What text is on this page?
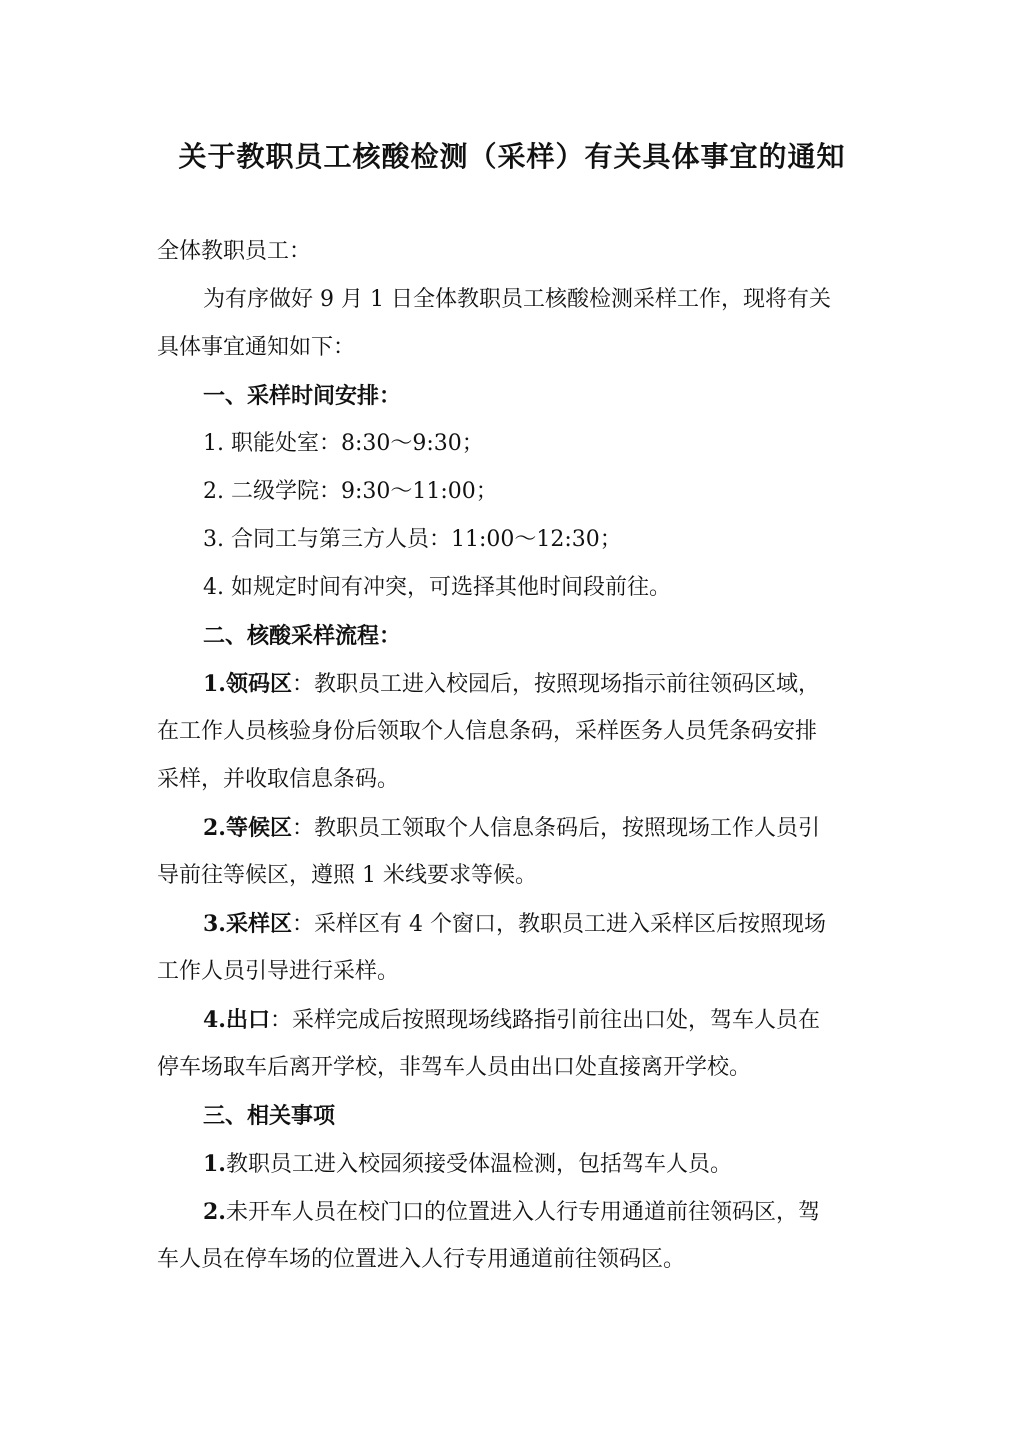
关于教职员工核酸检测（采样）有关具体事宜的通知
全体教职员工：
为有序做好 9 月 1 日全体教职员工核酸检测采样工作，现将有关
具体事宜通知如下：
一、采样时间安排：
1. 职能处室：8:30～9:30；
2. 二级学院：9:30～11:00；
3. 合同工与第三方人员：11:00～12:30；
4. 如规定时间有冲突，可选择其他时间段前往。
二、核酸采样流程：
1.领码区：教职员工进入校园后，按照现场指示前往领码区域，
在工作人员核验身份后领取个人信息条码，采样医务人员凭条码安排
采样，并收取信息条码。
2.等候区：教职员工领取个人信息条码后，按照现场工作人员引
导前往等候区，遵照 1 米线要求等候。
3.采样区：采样区有 4 个窗口，教职员工进入采样区后按照现场
工作人员引导进行采样。
4.出口：采样完成后按照现场线路指引前往出口处，驾车人员在
停车场取车后离开学校，非驾车人员由出口处直接离开学校。
三、相关事项
1.教职员工进入校园须接受体温检测，包括驾车人员。
2.未开车人员在校门口的位置进入人行专用通道前往领码区，驾
车人员在停车场的位置进入人行专用通道前往领码区。
